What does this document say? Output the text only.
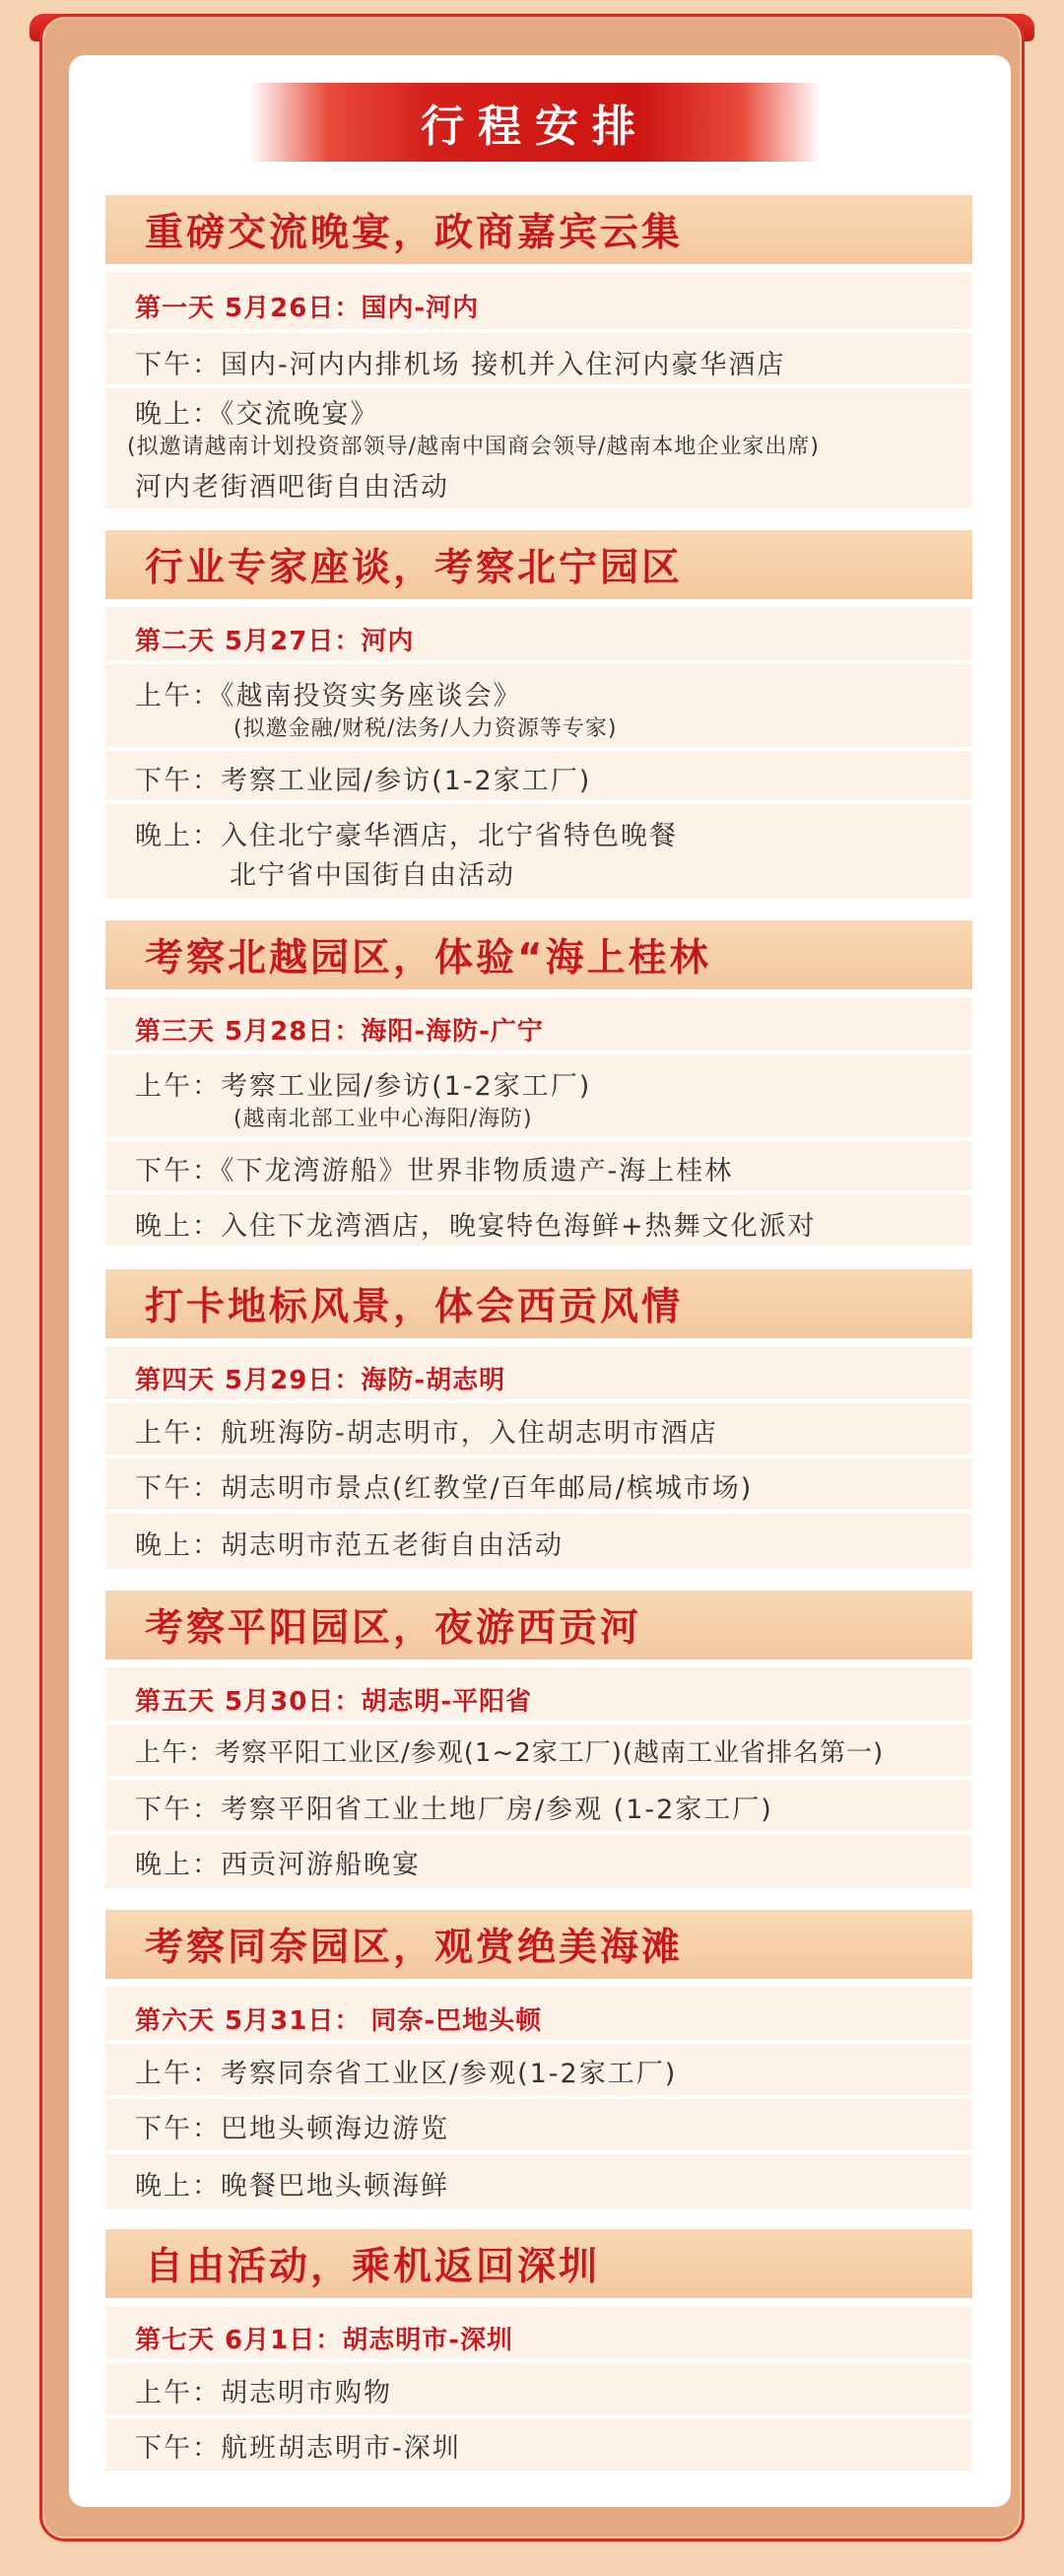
行程安排
重磅交流晚宴，政商嘉宾云集
第一天 5月26日：国内-河内
下午：国内-河内内排机场 接机并入住河内豪华酒店
晚上：《交流晚宴》
(拟邀请越南计划投资部领导/越南中国商会领导/越南本地企业家出席)
河内老街酒吧街自由活动
行业专家座谈，考察北宁园区
第二天 5月27日：河内
上午：《越南投资实务座谈会》
(拟邀金融/财税/法务/人力资源等专家)
下午：考察工业园/参访(1-2家工厂)
晚上：入住北宁豪华酒店，北宁省特色晚餐
北宁省中国街自由活动
考察北越园区，体验“海上桂林
第三天 5月28日：海阳-海防-广宁
上午：考察工业园/参访(1-2家工厂)
(越南北部工业中心海阳/海防)
下午：《下龙湾游船》世界非物质遗产-海上桂林
晚上：入住下龙湾酒店，晚宴特色海鲜+热舞文化派对
打卡地标风景，体会西贡风情
第四天 5月29日：海防-胡志明
上午：航班海防-胡志明市，入住胡志明市酒店
下午：胡志明市景点(红教堂/百年邮局/槟城市场)
晚上：胡志明市范五老街自由活动
考察平阳园区，夜游西贡河
第五天 5月30日：胡志明-平阳省
上午：考察平阳工业区/参观(1~2家工厂)(越南工业省排名第一)
下午：考察平阳省工业土地厂房/参观 (1-2家工厂)
晚上：西贡河游船晚宴
考察同奈园区，观赏绝美海滩
第六天 5月31日： 同奈-巴地头顿
上午：考察同奈省工业区/参观(1-2家工厂)
下午：巴地头顿海边游览
晚上：晚餐巴地头顿海鲜
自由活动，乘机返回深圳
第七天 6月1日：胡志明市-深圳
上午：胡志明市购物
下午：航班胡志明市-深圳
